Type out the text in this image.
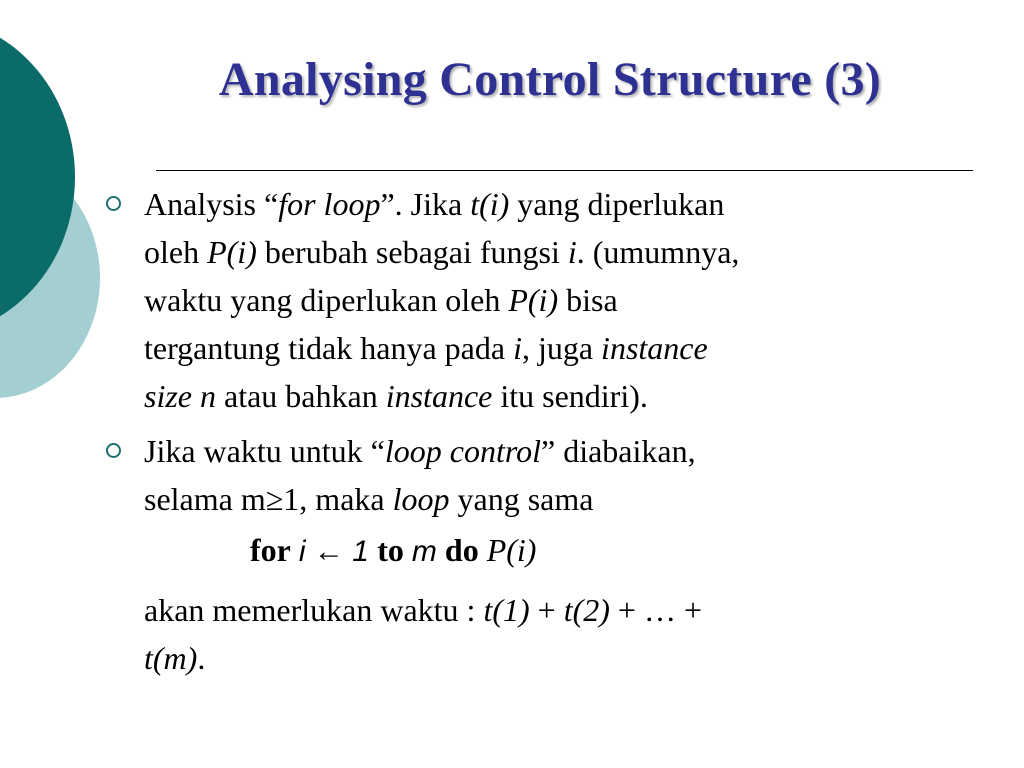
Analysing Control Structure (3)
Analysis “for loop”. Jika t(i) yang diperlukan
oleh P(i) berubah sebagai fungsi i. (umumnya,
waktu yang diperlukan oleh P(i) bisa
tergantung tidak hanya pada i, juga instance
size n atau bahkan instance itu sendiri).
Jika waktu untuk “loop control” diabaikan,
selama m≥1, maka loop yang sama
for i ← 1 to m do P(i)
akan memerlukan waktu : t(1) + t(2) + … +
t(m).
